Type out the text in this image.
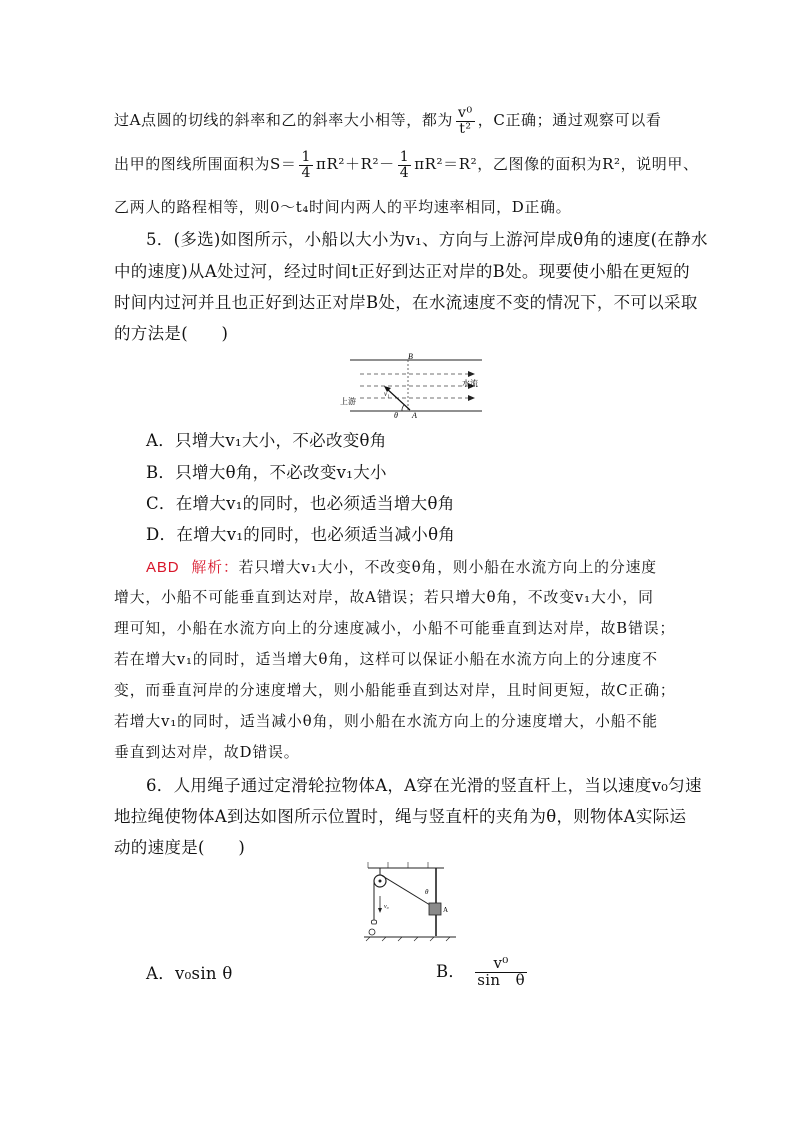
过A点圆的切线的斜率和乙的斜率大小相等，都为 $\frac{\text{v⁰}}{\text{t²}}$ ，C正确；通过观察可以看
出甲的图线所围面积为$S= \frac{1}{4} \pi R^2+R^2- \frac{1}{4} \pi R^2=R^2$，乙图像的面积为R²，说明甲、
乙两人的路程相等，则0～t₄时间内两人的平均速率相同，D正确。
5．(多选)如图所示，小船以大小为v₁、方向与上游河岸成θ角的速度(在静水
中的速度)从A处过河，经过时间t正好到达正对岸的B处。现要使小船在更短的
时间内过河并且也正好到达正对岸B处，在水流速度不变的情况下，不可以采取
的方法是(　　)
B
A
θ
v₁
上游
水流
A．只增大v₁大小，不必改变θ角
B．只增大θ角，不必改变v₁大小
C．在增大v₁的同时，也必须适当增大θ角
D．在增大v₁的同时，也必须适当减小θ角
ABD 解析：若只增大v₁大小，不改变θ角，则小船在水流方向上的分速度
增大，小船不可能垂直到达对岸，故A错误；若只增大θ角，不改变v₁大小，同
理可知，小船在水流方向上的分速度减小，小船不可能垂直到达对岸，故B错误；
若在增大v₁的同时，适当增大θ角，这样可以保证小船在水流方向上的分速度不
变，而垂直河岸的分速度增大，则小船能垂直到达对岸，且时间更短，故C正确；
若增大v₁的同时，适当减小θ角，则小船在水流方向上的分速度增大，小船不能
垂直到达对岸，故D错误。
6．人用绳子通过定滑轮拉物体A，A穿在光滑的竖直杆上，当以速度v₀匀速
地拉绳使物体A到达如图所示位置时，绳与竖直杆的夹角为θ，则物体A实际运
动的速度是(　　)
θ
A
v₀
A．v₀sin θ	B． $\frac{\text{v⁰}}{\text{sin　θ}}$
